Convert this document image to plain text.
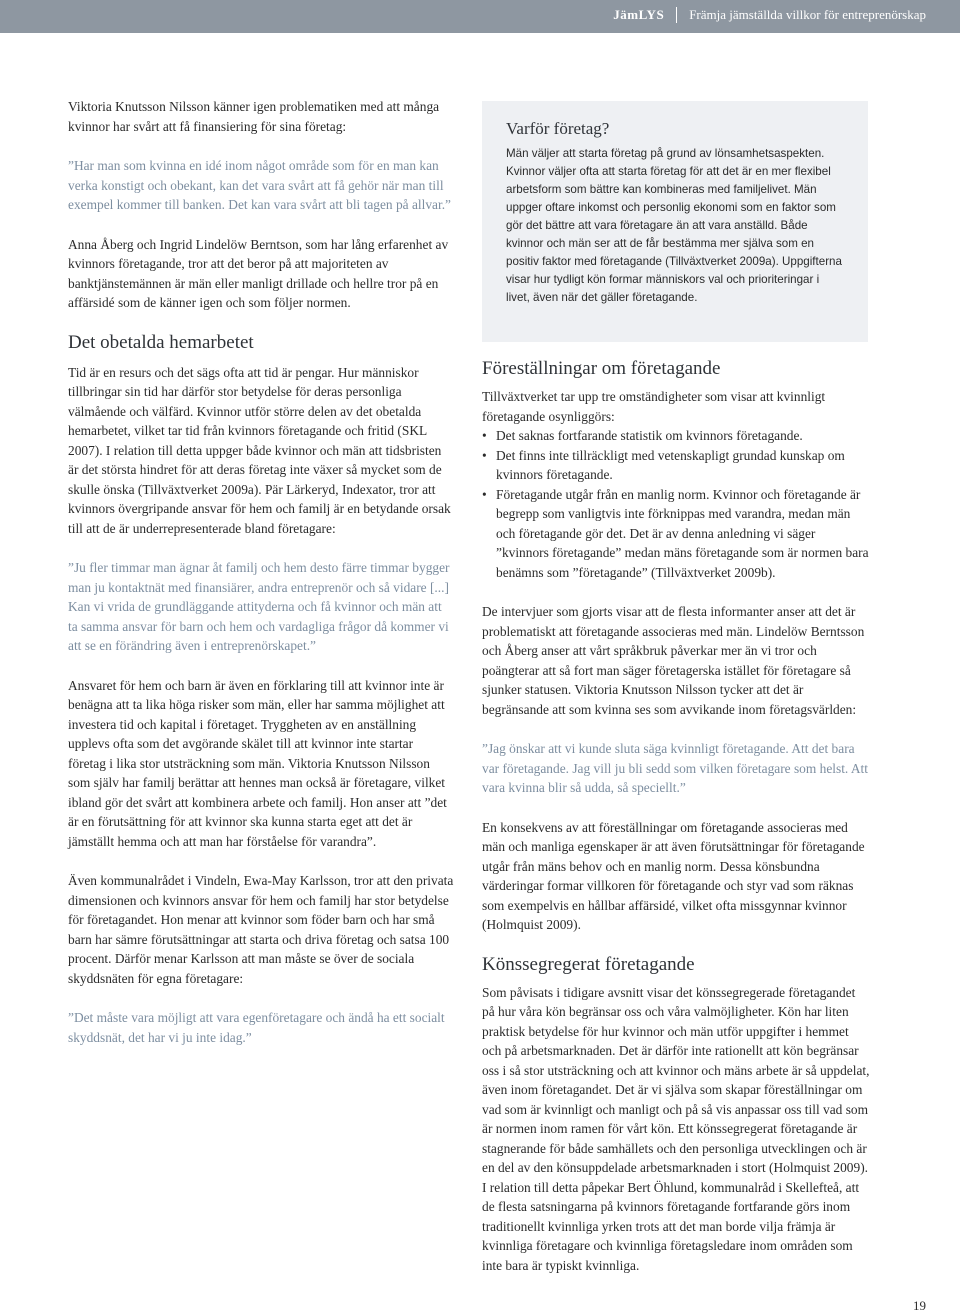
JämLYS Främja jämställda villkor för entreprenörskap

Viktoria Knutsson Nilsson känner igen problematiken med att många kvinnor har svårt att få finansiering för sina företag:

”Har man som kvinna en idé inom något område som för en man kan verka konstigt och obekant, kan det vara svårt att få gehör när man till exempel kommer till banken. Det kan vara svårt att bli tagen på allvar.”

Anna Åberg och Ingrid Lindelöw Berntson, som har lång erfarenhet av kvinnors företagande, tror att det beror på att majoriteten av banktjänstemännen är män eller manligt drillade och hellre tror på en affärsidé som de känner igen och som följer normen.

Det obetalda hemarbetet

Tid är en resurs och det sägs ofta att tid är pengar. Hur människor tillbringar sin tid har därför stor betydelse för deras personliga välmående och välfärd. Kvinnor utför större delen av det obetalda hemarbetet, vilket tar tid från kvinnors företagande och fritid (SKL 2007). I relation till detta uppger både kvinnor och män att tidsbristen är det största hindret för att deras företag inte växer så mycket som de skulle önska (Tillväxtverket 2009a). Pär Lärkeryd, Indexator, tror att kvinnors övergripande ansvar för hem och familj är en betydande orsak till att de är underrepresenterade bland företagare:

”Ju fler timmar man ägnar åt familj och hem desto färre timmar bygger man ju kontaktnät med finansiärer, andra entreprenör och så vidare [...] Kan vi vrida de grundläggande attityderna och få kvinnor och män att ta samma ansvar för barn och hem och vardagliga frågor då kommer vi att se en förändring även i entreprenörskapet.”

Ansvaret för hem och barn är även en förklaring till att kvinnor inte är benägna att ta lika höga risker som män, eller har samma möjlighet att investera tid och kapital i företaget. Tryggheten av en anställning upplevs ofta som det avgörande skälet till att kvinnor inte startar företag i lika stor utsträckning som män. Viktoria Knutsson Nilsson som själv har familj berättar att hennes man också är företagare, vilket ibland gör det svårt att kombinera arbete och familj. Hon anser att ”det är en förutsättning för att kvinnor ska kunna starta eget att det är jämställt hemma och att man har förståelse för varandra”.

Även kommunalrådet i Vindeln, Ewa-May Karlsson, tror att den privata dimensionen och kvinnors ansvar för hem och familj har stor betydelse för företagandet. Hon menar att kvinnor som föder barn och har små barn har sämre förutsättningar att starta och driva företag och satsa 100 procent. Därför menar Karlsson att man måste se över de sociala skyddsnäten för egna företagare:

”Det måste vara möjligt att vara egenföretagare och ändå ha ett socialt skyddsnät, det har vi ju inte idag.”

Varför företag?

Män väljer att starta företag på grund av lönsamhetsaspekten. Kvinnor väljer ofta att starta företag för att det är en mer flexibel arbetsform som bättre kan kombineras med familjelivet. Män uppger oftare inkomst och personlig ekonomi som en faktor som gör det bättre att vara företagare än att vara anställd. Både kvinnor och män ser att de får bestämma mer själva som en positiv faktor med företagande (Tillväxtverket 2009a). Uppgifterna visar hur tydligt kön formar människors val och prioriteringar i livet, även när det gäller företagande.

Föreställningar om företagande

Tillväxtverket tar upp tre omständigheter som visar att kvinnligt företagande osynliggörs:

• Det saknas fortfarande statistik om kvinnors företagande.
• Det finns inte tillräckligt med vetenskapligt grundad kunskap om kvinnors företagande.
• Företagande utgår från en manlig norm. Kvinnor och företagande är begrepp som vanligtvis inte förknippas med varandra, medan män och företagande gör det. Det är av denna anledning vi säger ”kvinnors företagande” medan mäns företagande som är normen bara benämns som ”företagande” (Tillväxtverket 2009b).

De intervjuer som gjorts visar att de flesta informanter anser att det är problematiskt att företagande associeras med män. Lindelöw Berntsson och Åberg anser att vårt språkbruk påverkar mer än vi tror och poängterar att så fort man säger företagerska istället för företagare så sjunker statusen. Viktoria Knutsson Nilsson tycker att det är begränsande att som kvinna ses som avvikande inom företagsvärlden:

”Jag önskar att vi kunde sluta säga kvinnligt företagande. Att det bara var företagande. Jag vill ju bli sedd som vilken företagare som helst. Att vara kvinna blir så udda, så speciellt.”

En konsekvens av att föreställningar om företagande associeras med män och manliga egenskaper är att även förutsättningar för företagande utgår från mäns behov och en manlig norm. Dessa könsbundna värderingar formar villkoren för företagande och styr vad som räknas som exempelvis en hållbar affärsidé, vilket ofta missgynnar kvinnor (Holmquist 2009).

Könssegregerat företagande

Som påvisats i tidigare avsnitt visar det könssegregerade företagandet på hur våra kön begränsar oss och våra valmöjligheter. Kön har liten praktisk betydelse för hur kvinnor och män utför uppgifter i hemmet och på arbetsmarknaden. Det är därför inte rationellt att kön begränsar oss i så stor utsträckning och att kvinnor och mäns arbete är så uppdelat, även inom företagandet. Det är vi själva som skapar föreställningar om vad som är kvinnligt och manligt och på så vis anpassar oss till vad som är normen inom ramen för vårt kön. Ett könssegregerat företagande är stagnerande för både samhällets och den personliga utvecklingen och är en del av den könsuppdelade arbetsmarknaden i stort (Holmquist 2009). I relation till detta påpekar Bert Öhlund, kommunalråd i Skellefteå, att de flesta satsningarna på kvinnors företagande fortfarande görs inom traditionellt kvinnliga yrken trots att det man borde vilja främja är kvinnliga företagare och kvinnliga företagsledare inom områden som inte bara är typiskt kvinnliga.

19
